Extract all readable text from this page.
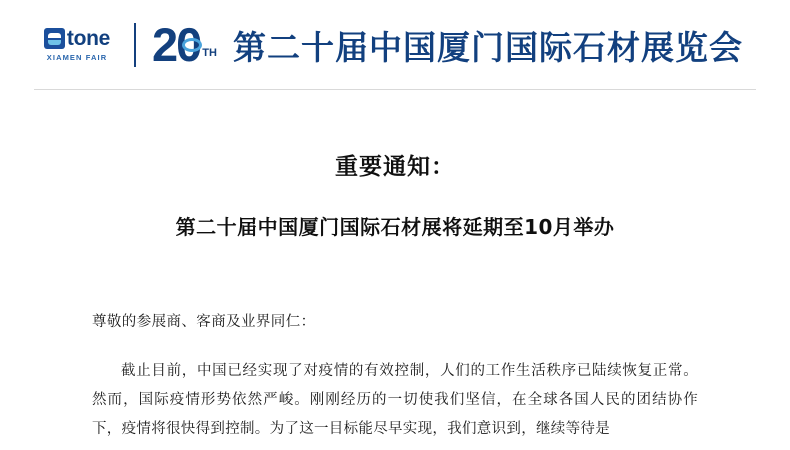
tone
XIAMEN FAIR 20 TH 第二十届中国厦门国际石材展览会
重要通知：
第二十届中国厦门国际石材展将延期至10月举办
尊敬的参展商、客商及业界同仁：
截止目前，中国已经实现了对疫情的有效控制，人们的工作生活秩序已陆续恢复正常。然而，国际疫情形势依然严峻。刚刚经历的一切使我们坚信，在全球各国人民的团结协作下，疫情将很快得到控制。为了这一目标能尽早实现，我们意识到，继续等待是
